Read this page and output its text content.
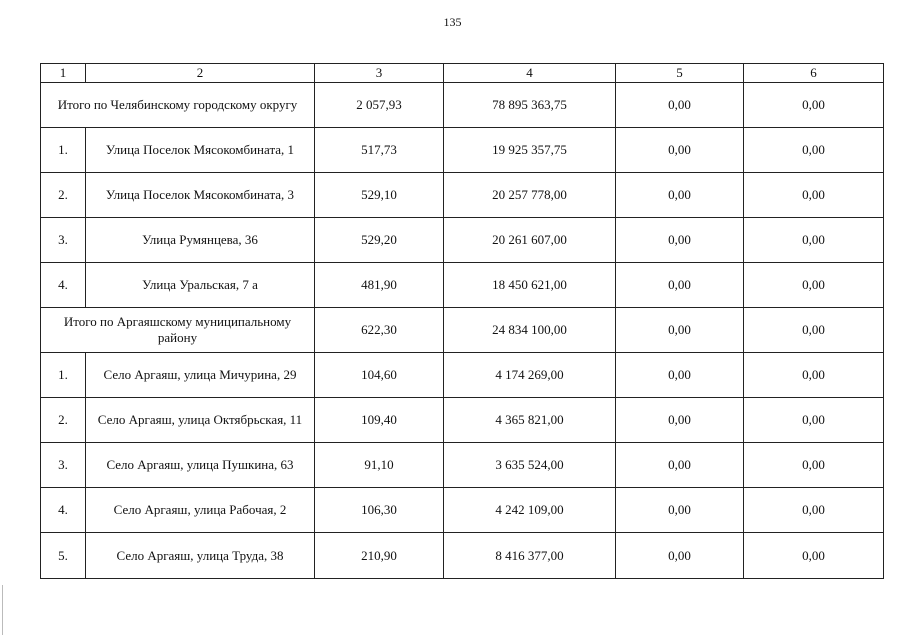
135
1	2	3	4	5	6
Итого по Челябинскому городскому округу		2 057,93	78 895 363,75	0,00	0,00
1.	Улица Поселок Мясокомбината, 1	517,73	19 925 357,75	0,00	0,00
2.	Улица Поселок Мясокомбината, 3	529,10	20 257 778,00	0,00	0,00
3.	Улица Румянцева, 36	529,20	20 261 607,00	0,00	0,00
4.	Улица Уральская, 7 а	481,90	18 450 621,00	0,00	0,00
Итого по Аргаяшскому муниципальному району		622,30	24 834 100,00	0,00	0,00
1.	Село Аргаяш, улица Мичурина, 29	104,60	4 174 269,00	0,00	0,00
2.	Село Аргаяш, улица Октябрьская, 11	109,40	4 365 821,00	0,00	0,00
3.	Село Аргаяш, улица Пушкина, 63	91,10	3 635 524,00	0,00	0,00
4.	Село Аргаяш, улица Рабочая, 2	106,30	4 242 109,00	0,00	0,00
5.	Село Аргаяш, улица Труда, 38	210,90	8 416 377,00	0,00	0,00
